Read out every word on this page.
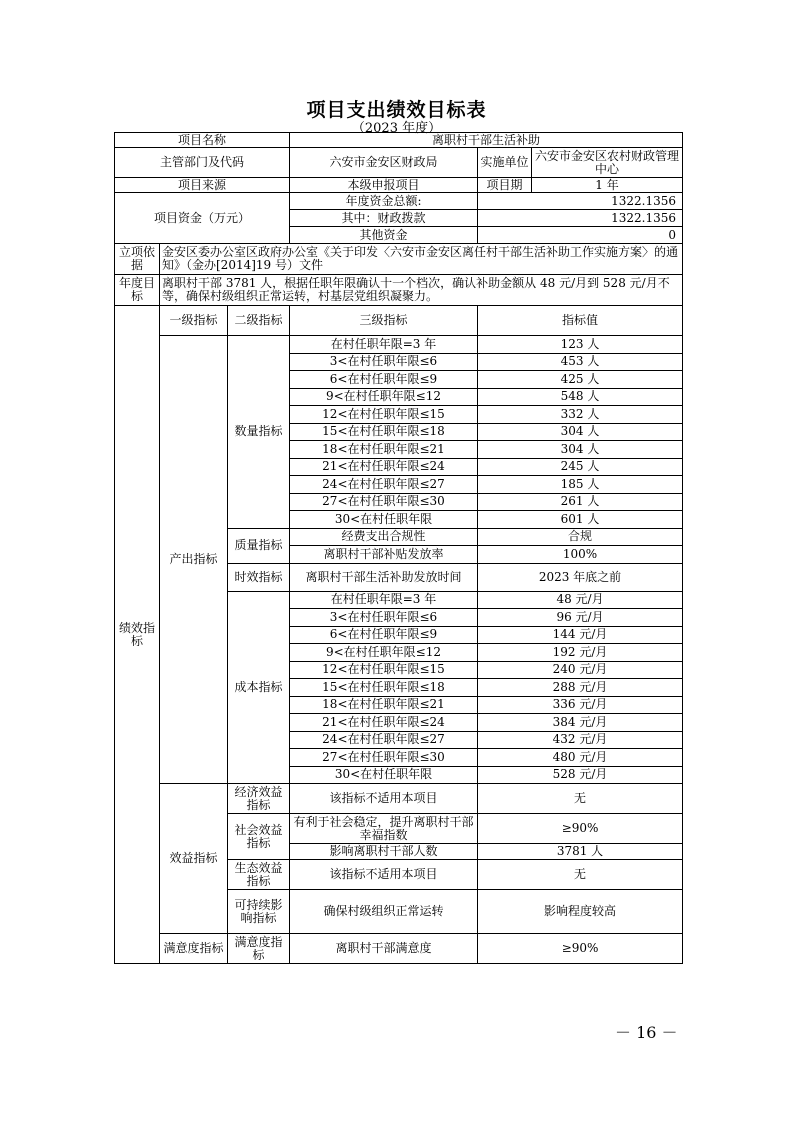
项目支出绩效目标表
（2023 年度）
项目名称			离职村干部生活补助		
主管部门及代码			六安市金安区财政局	实施单位	六安市金安区农村财政管理中心
项目来源			本级申报项目	项目期	1 年
项目资金（万元）			年度资金总额:	1322.1356	
			其中：财政拨款	1322.1356	
			其他资金	0	
立项依据	金安区委办公室区政府办公室《关于印发〈六安市金安区离任村干部生活补助工作实施方案〉的通知》（金办[2014]19 号）文件				
年度目标	离职村干部 3781 人，根据任职年限确认十一个档次，确认补助金额从 48 元/月到 528 元/月不等，确保村级组织正常运转，村基层党组织凝聚力。				
绩效指标	一级指标	二级指标	三级指标	指标值	
	产出指标	数量指标	在村任职年限=3 年	123 人	
			3<在村任职年限≤6	453 人	
			6<在村任职年限≤9	425 人	
			9<在村任职年限≤12	548 人	
			12<在村任职年限≤15	332 人	
			15<在村任职年限≤18	304 人	
			18<在村任职年限≤21	304 人	
			21<在村任职年限≤24	245 人	
			24<在村任职年限≤27	185 人	
			27<在村任职年限≤30	261 人	
			30<在村任职年限	601 人	
		质量指标	经费支出合规性	合规	
			离职村干部补贴发放率	100%	
		时效指标	离职村干部生活补助发放时间	2023 年底之前	
		成本指标	在村任职年限=3 年	48 元/月	
			3<在村任职年限≤6	96 元/月	
			6<在村任职年限≤9	144 元/月	
			9<在村任职年限≤12	192 元/月	
			12<在村任职年限≤15	240 元/月	
			15<在村任职年限≤18	288 元/月	
			18<在村任职年限≤21	336 元/月	
			21<在村任职年限≤24	384 元/月	
			24<在村任职年限≤27	432 元/月	
			27<在村任职年限≤30	480 元/月	
			30<在村任职年限	528 元/月	
	效益指标	经济效益指标	该指标不适用本项目	无	
		社会效益指标	有利于社会稳定，提升离职村干部幸福指数	≥90%	
			影响离职村干部人数	3781 人	
		生态效益指标	该指标不适用本项目	无	
		可持续影响指标	确保村级组织正常运转	影响程度较高	

	满意度指标	满意度指标	离职村干部满意度	≥90%	
－ 16 －
